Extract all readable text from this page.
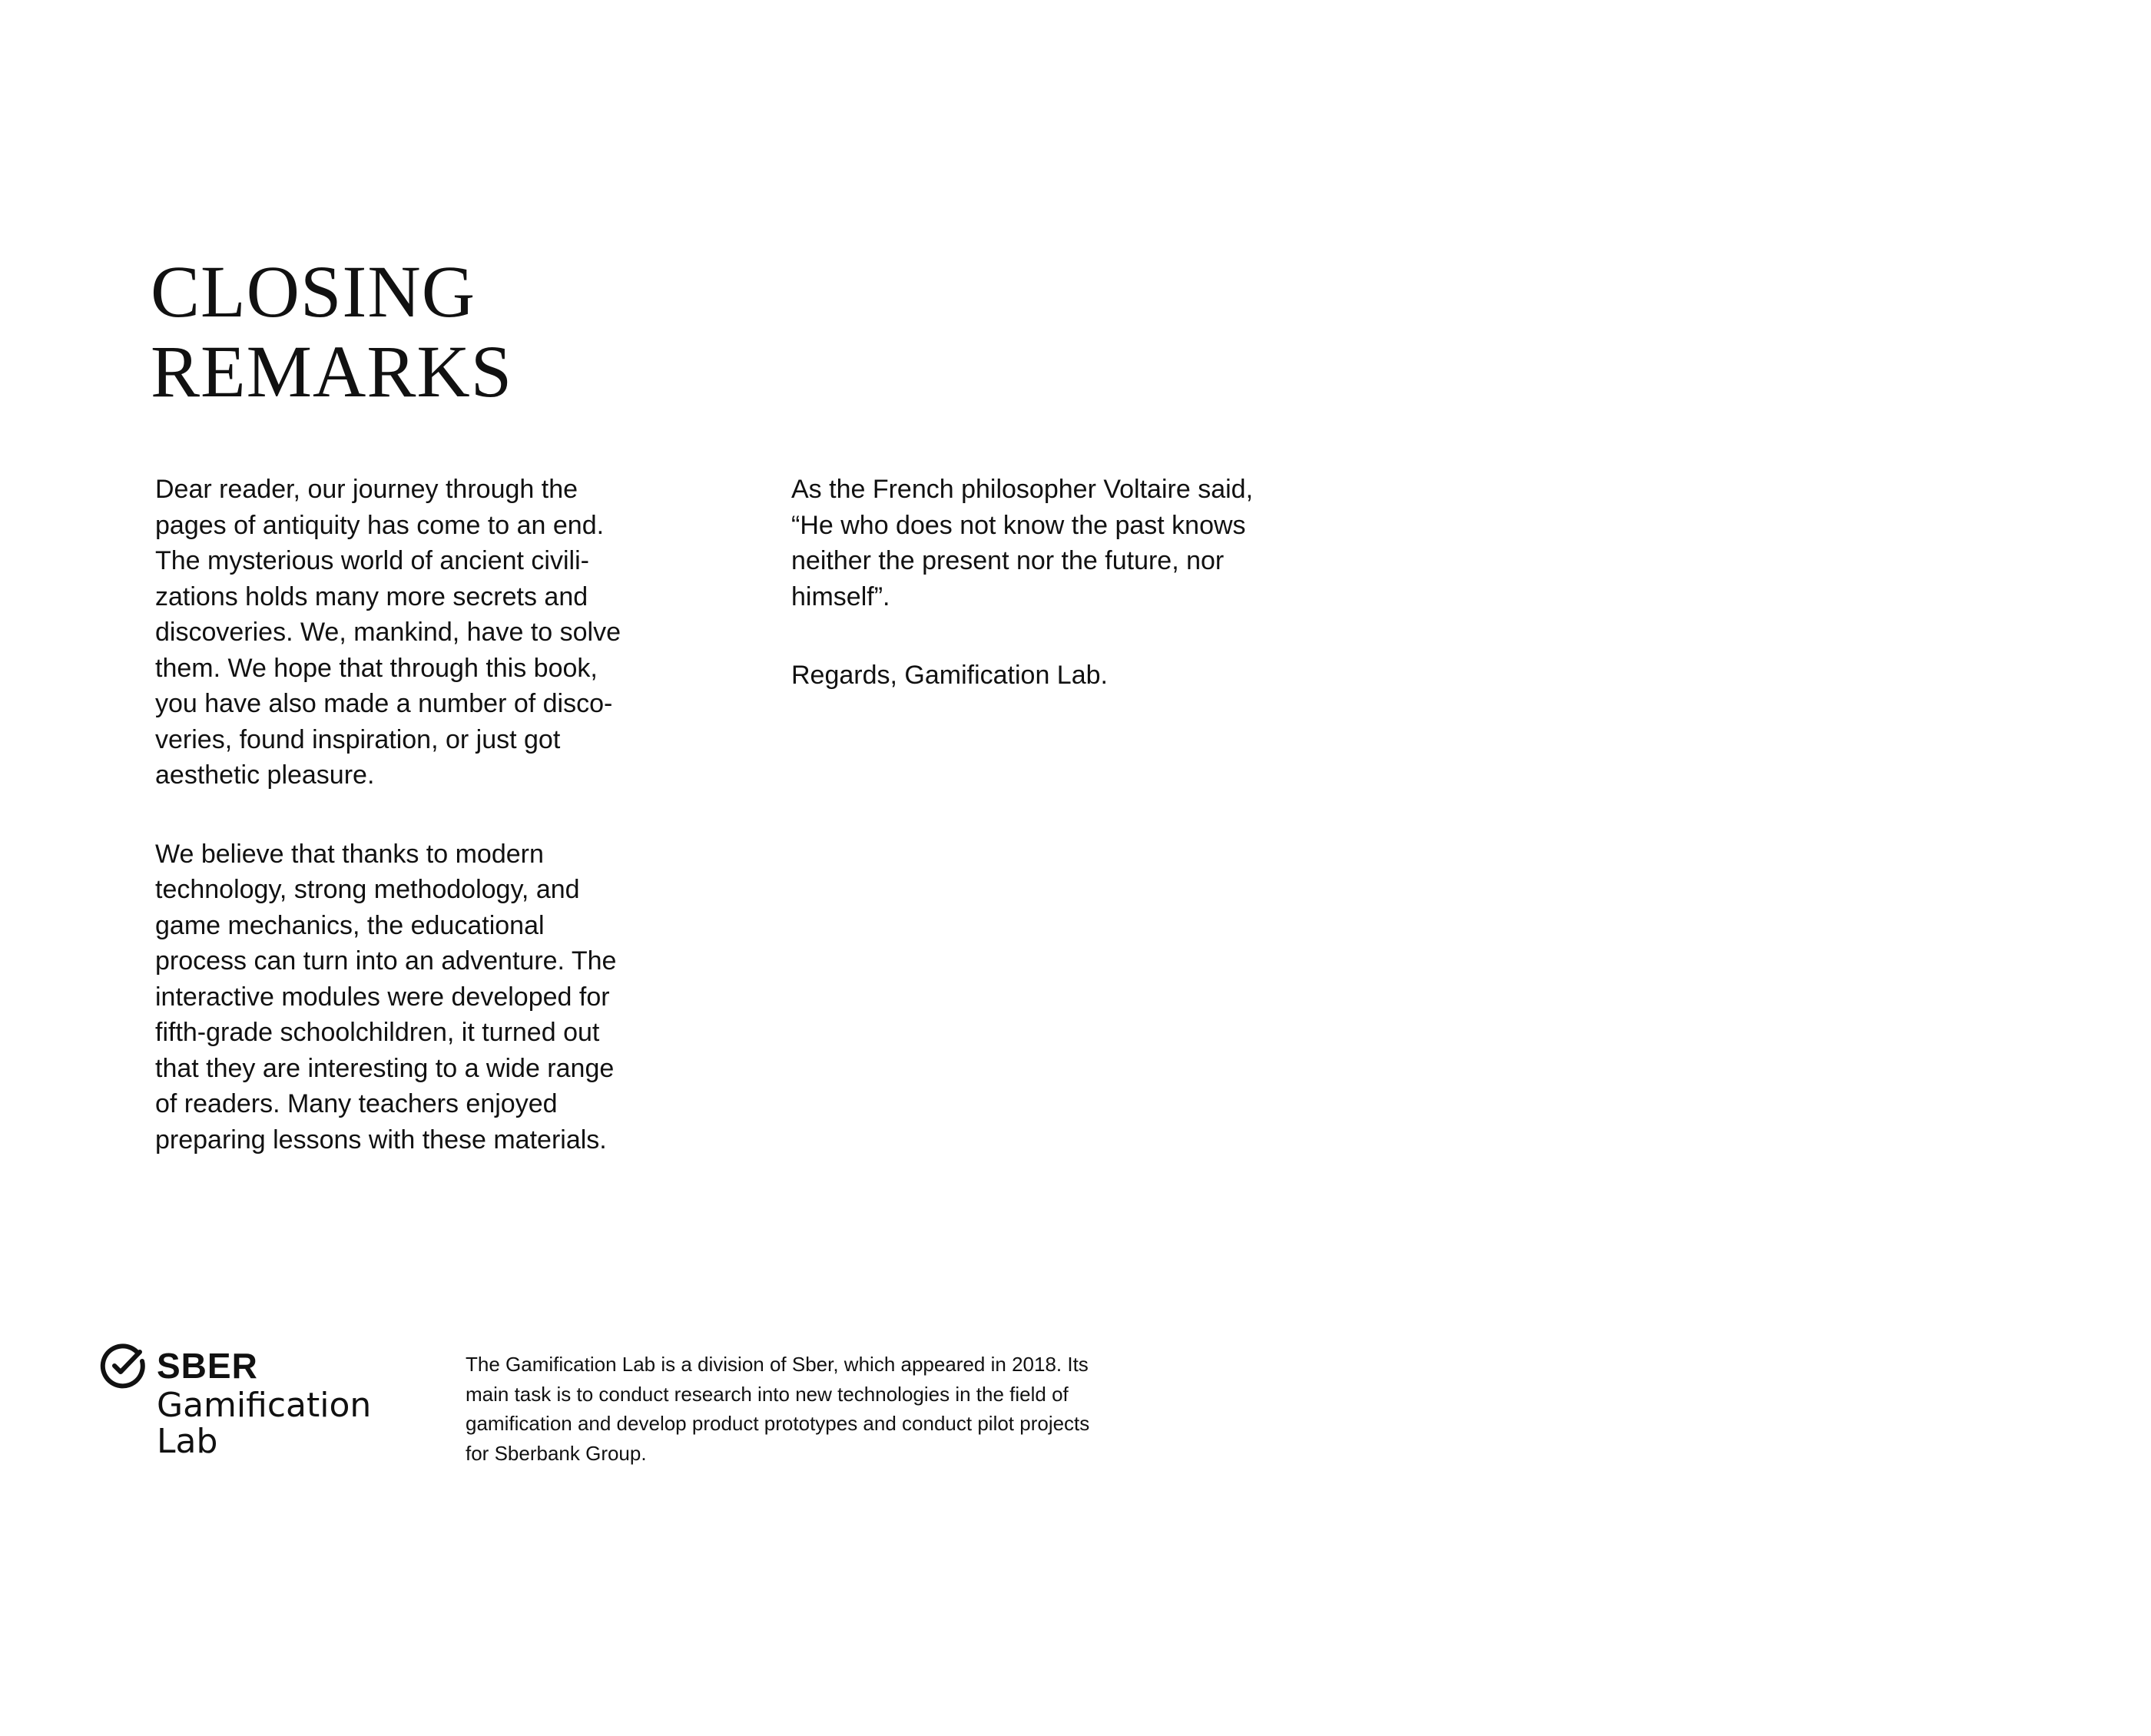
CLOSING
REMARKS

Dear reader, our journey through the pages of antiquity has come to an end. The mysterious world of ancient civili-zations holds many more secrets and discoveries. We, mankind, have to solve them. We hope that through this book, you have also made a number of disco-veries, found inspiration, or just got aesthetic pleasure.

We believe that thanks to modern technology, strong methodology, and game mechanics, the educational process can turn into an adventure. The interactive modules were developed for fifth-grade schoolchildren, it turned out that they are interesting to a wide range of readers. Many teachers enjoyed preparing lessons with these materials.

As the French philosopher Voltaire said, “He who does not know the past knows neither the present nor the future, nor himself”.

Regards, Gamification Lab.

SBER
Gamification
Lab
The Gamification Lab is a division of Sber, which appeared in 2018. Its main task is to conduct research into new technologies in the field of gamification and develop product prototypes and conduct pilot projects for Sberbank Group.
